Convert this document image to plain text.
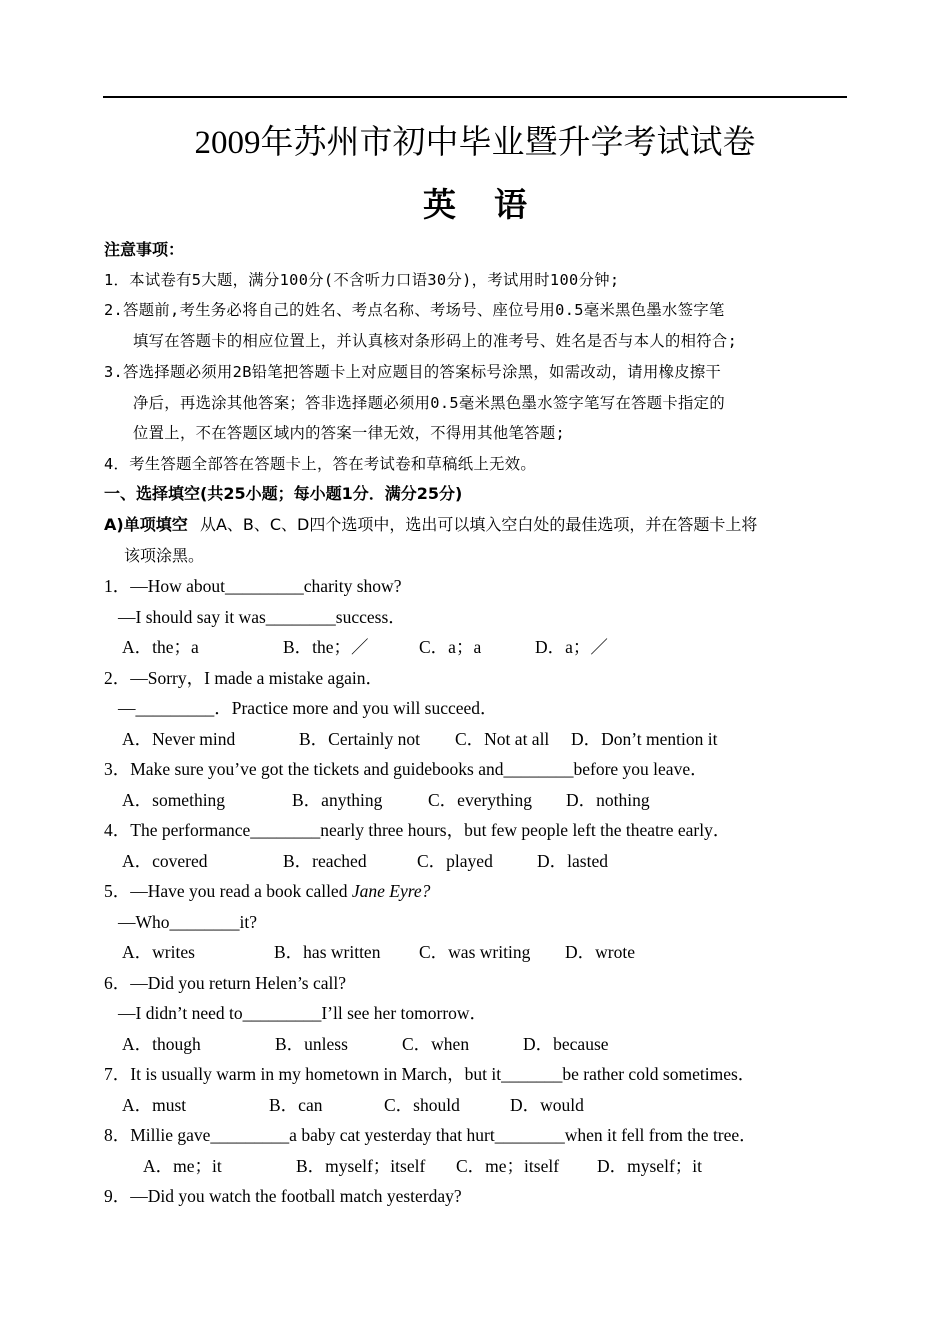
2009年苏州市初中毕业暨升学考试试卷
英语
注意事项：
1．本试卷有5大题，满分100分(不含听力口语30分)，考试用时100分钟;
2.答题前,考生务必将自己的姓名、考点名称、考场号、座位号用0.5毫米黑色墨水签字笔
填写在答题卡的相应位置上，并认真核对条形码上的准考号、姓名是否与本人的相符合;
3.答选择题必须用2B铅笔把答题卡上对应题目的答案标号涂黑，如需改动，请用橡皮擦干
净后，再选涂其他答案；答非选择题必须用0.5毫米黑色墨水签字笔写在答题卡指定的
位置上，不在答题区域内的答案一律无效，不得用其他笔答题;
4．考生答题全部答在答题卡上，答在考试卷和草稿纸上无效。
一、选择填空(共25小题；每小题1分．满分25分)
A)单项填空 从A、B、C、D四个选项中，选出可以填入空白处的最佳选项，并在答题卡上将
该项涂黑。
1．—How about_________charity show?
—I should say it was________success．
A．the；a	B．the；／	C．a；a	D．a；／
2．—Sorry，I made a mistake again．
—_________．Practice more and you will succeed．
A．Never mind	B．Certainly not C．Not at all D．Don’t mention it
3．Make sure you’ve got the tickets and guidebooks and________before you leave．
A．something	B．anything	C．everything D．nothing
4．The performance________nearly three hours，but few people left the theatre early．
A．covered	B．reached	C．played	D．lasted
5．—Have you read a book called Jane Eyre?
—Who________it?
A．writes	B．has written C．was writing D．wrote
6．—Did you return Helen’s call?
—I didn’t need to_________I’ll see her tomorrow．
A．though	B．unless	C．when	D．because
7．It is usually warm in my hometown in March，but it_______be rather cold sometimes．
A．must	B．can	C．should	D．would
8．Millie gave_________a baby cat yesterday that hurt________when it fell from the tree．
A．me；it	B．myself；itself C．me；itself D．myself；it
9．—Did you watch the football match yesterday?
